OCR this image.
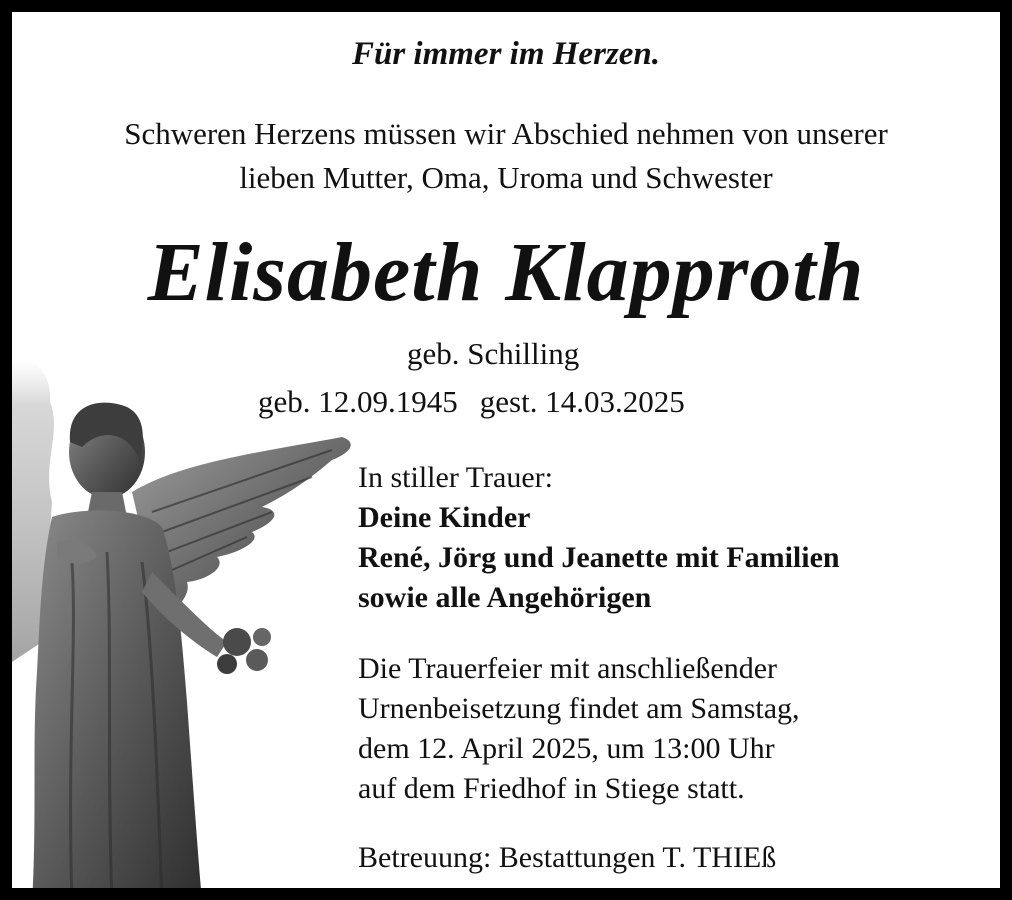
Für immer im Herzen.
Schweren Herzens müssen wir Abschied nehmen von unserer
lieben Mutter, Oma, Uroma und Schwester
Elisabeth Klapproth
geb. Schilling
geb. 12.09.1945 gest. 14.03.2025
In stiller Trauer:
Deine Kinder
René, Jörg und Jeanette mit Familien
sowie alle Angehörigen
Die Trauerfeier mit anschließender
Urnenbeisetzung findet am Samstag,
dem 12. April 2025, um 13:00 Uhr
auf dem Friedhof in Stiege statt.
Betreuung: Bestattungen T. THIEß
